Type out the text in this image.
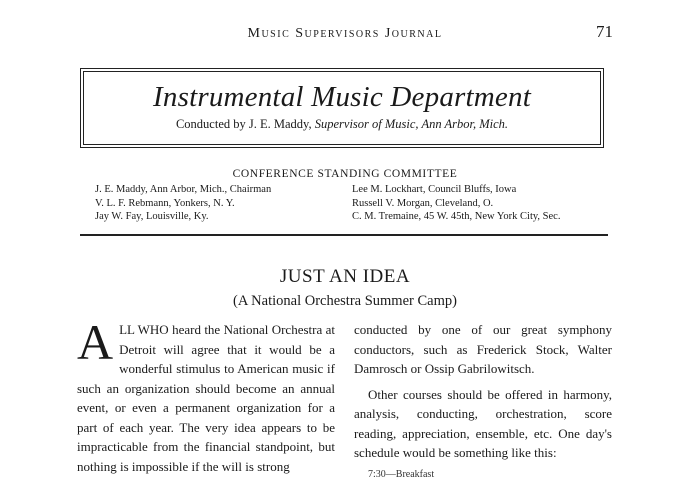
Music Supervisors Journal	71
Instrumental Music Department
Conducted by J. E. Maddy, Supervisor of Music, Ann Arbor, Mich.
CONFERENCE STANDING COMMITTEE
J. E. Maddy, Ann Arbor, Mich., Chairman
V. L. F. Rebmann, Yonkers, N. Y.
Jay W. Fay, Louisville, Ky.
Lee M. Lockhart, Council Bluffs, Iowa
Russell V. Morgan, Cleveland, O.
C. M. Tremaine, 45 W. 45th, New York City, Sec.
JUST AN IDEA
(A National Orchestra Summer Camp)
A LL WHO heard the National Orchestra at Detroit will agree that it would be a wonderful stimulus to American music if such an organization should become an annual event, or even a permanent organization for a part of each year. The very idea appears to be impracticable from the financial standpoint, but nothing is impossible if the will is strong

conducted by one of our great symphony conductors, such as Frederick Stock, Walter Damrosch or Ossip Gabrilowitsch.

Other courses should be offered in harmony, analysis, conducting, orchestration, score reading, appreciation, ensemble, etc. One day's schedule would be something like this:

7:30—Breakfast
